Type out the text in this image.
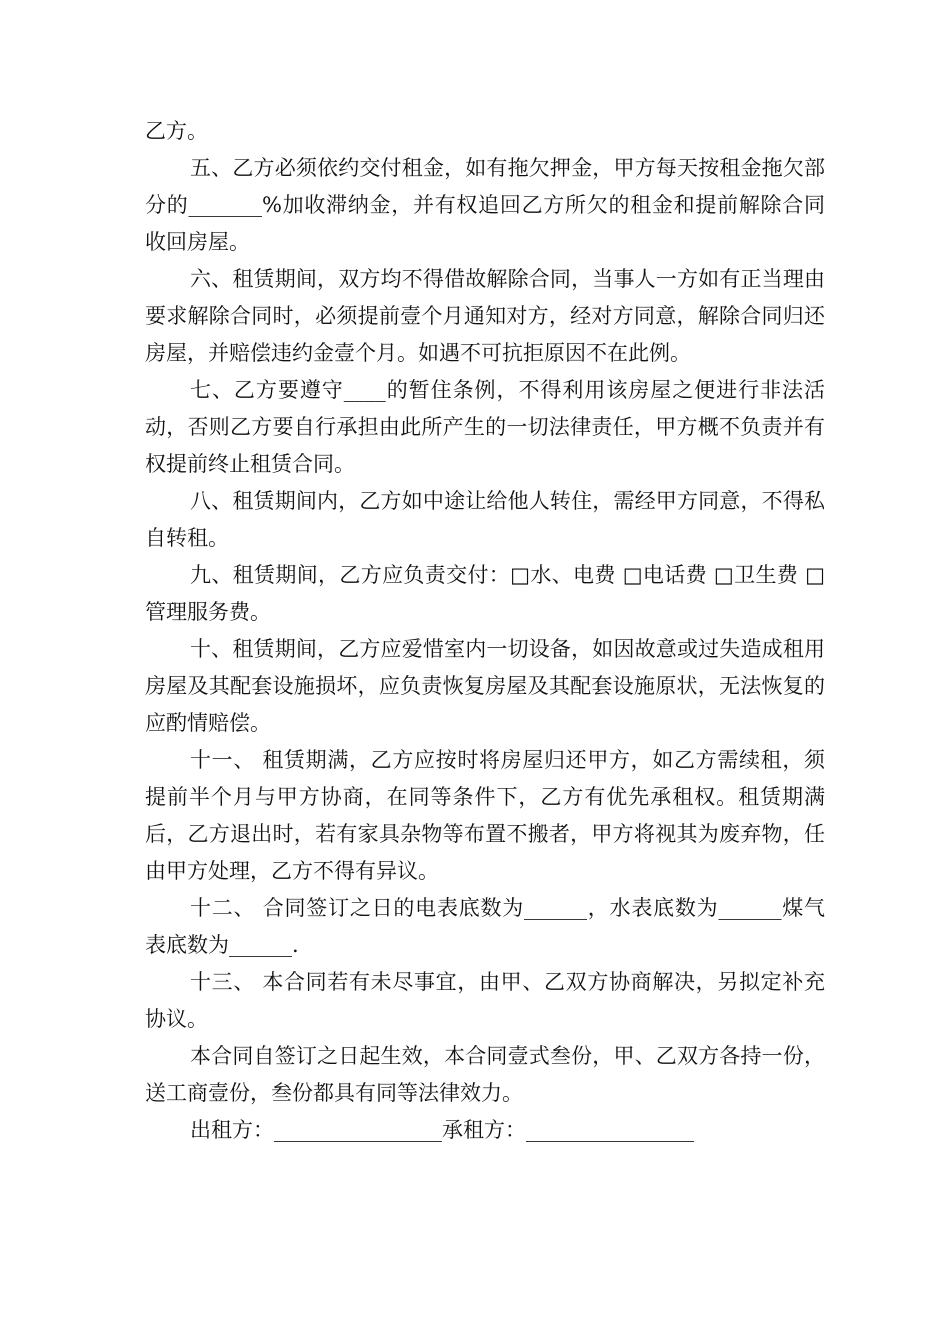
乙方。

五、乙方必须依约交付租金，如有拖欠押金，甲方每天按租金拖欠部分的_______%加收滞纳金，并有权追回乙方所欠的租金和提前解除合同收回房屋。

六、租赁期间，双方均不得借故解除合同，当事人一方如有正当理由要求解除合同时，必须提前壹个月通知对方，经对方同意，解除合同归还房屋，并赔偿违约金壹个月。如遇不可抗拒原因不在此例。

七、乙方要遵守____的暂住条例，不得利用该房屋之便进行非法活动，否则乙方要自行承担由此所产生的一切法律责任，甲方概不负责并有权提前终止租赁合同。

八、租赁期间内，乙方如中途让给他人转住，需经甲方同意，不得私自转租。

九、租赁期间，乙方应负责交付：□水、电费 □电话费 □卫生费 □管理服务费。

十、租赁期间，乙方应爱惜室内一切设备，如因故意或过失造成租用房屋及其配套设施损坏，应负责恢复房屋及其配套设施原状，无法恢复的应酌情赔偿。

十一、 租赁期满，乙方应按时将房屋归还甲方，如乙方需续租，须提前半个月与甲方协商，在同等条件下，乙方有优先承租权。租赁期满后，乙方退出时，若有家具杂物等布置不搬者，甲方将视其为废弃物，任由甲方处理，乙方不得有异议。

十二、 合同签订之日的电表底数为______，水表底数为______煤气表底数为______.

十三、 本合同若有未尽事宜，由甲、乙双方协商解决，另拟定补充协议。

本合同自签订之日起生效，本合同壹式叁份，甲、乙双方各持一份，送工商壹份，叁份都具有同等法律效力。

出租方：________________承租方：________________
